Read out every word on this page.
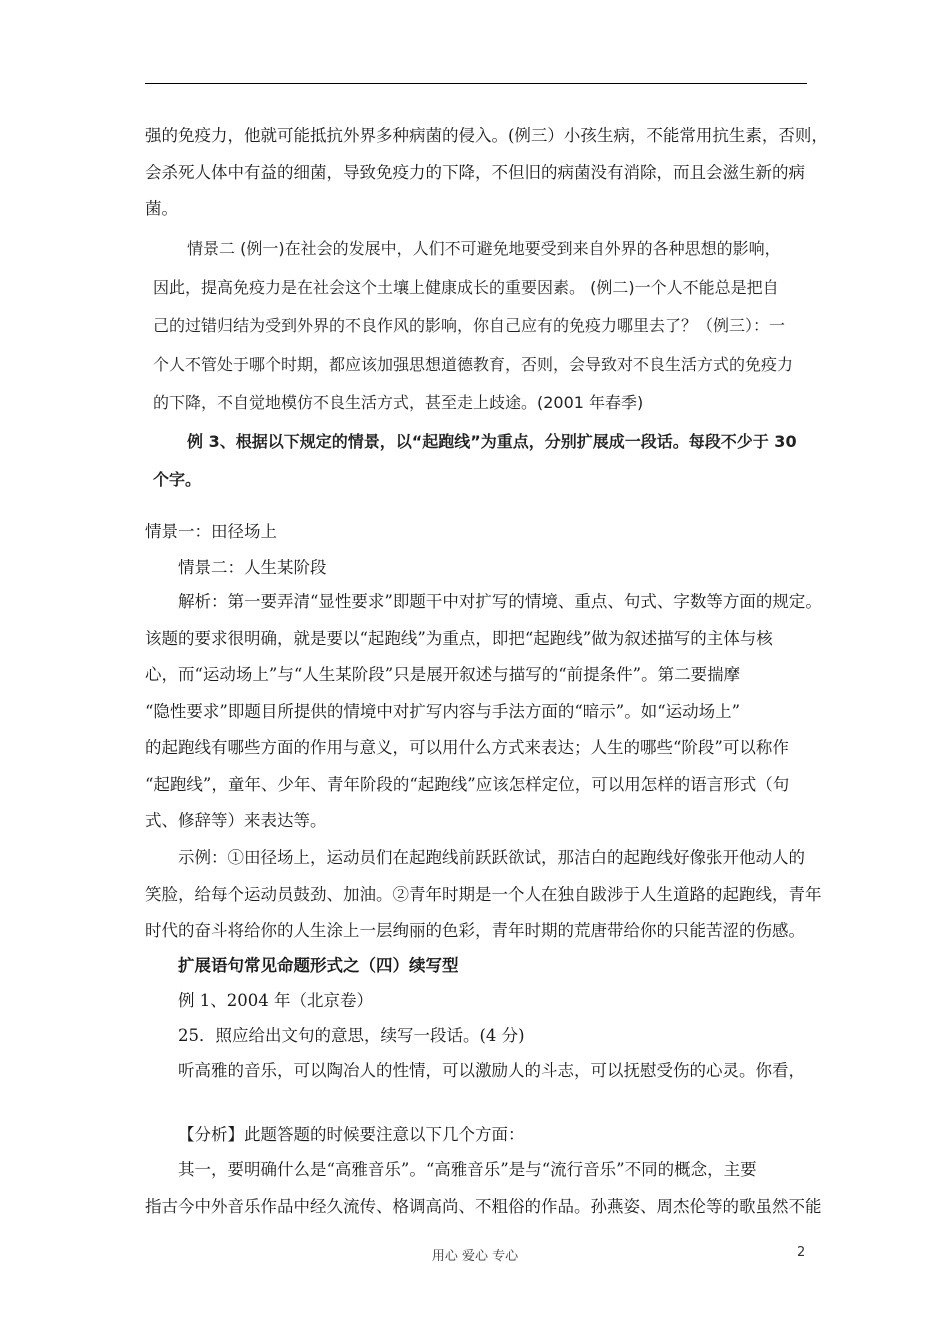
强的免疫力，他就可能抵抗外界多种病菌的侵入。(例三）小孩生病，不能常用抗生素，否则，
会杀死人体中有益的细菌，导致免疫力的下降，不但旧的病菌没有消除，而且会滋生新的病
菌。

情景二 (例一)在社会的发展中，人们不可避免地要受到来自外界的各种思想的影响，
因此，提高免疫力是在社会这个土壤上健康成长的重要因素。 (例二)一个人不能总是把自
己的过错归结为受到外界的不良作风的影响，你自己应有的免疫力哪里去了？（例三）：一
个人不管处于哪个时期，都应该加强思想道德教育，否则，会导致对不良生活方式的免疫力
的下降，不自觉地模仿不良生活方式，甚至走上歧途。(2001 年春季)
例 3、根据以下规定的情景，以“起跑线”为重点，分别扩展成一段话。每段不少于 30
个字。

情景一：田径场上

情景二：人生某阶段

解析：第一要弄清“显性要求”即题干中对扩写的情境、重点、句式、字数等方面的规定。
该题的要求很明确，就是要以“起跑线”为重点，即把“起跑线”做为叙述描写的主体与核
心，而“运动场上”与“人生某阶段”只是展开叙述与描写的“前提条件”。第二要揣摩
“隐性要求”即题目所提供的情境中对扩写内容与手法方面的“暗示”。如“运动场上”
的起跑线有哪些方面的作用与意义，可以用什么方式来表达；人生的哪些“阶段”可以称作
“起跑线”，童年、少年、青年阶段的“起跑线”应该怎样定位，可以用怎样的语言形式（句
式、修辞等）来表达等。

示例：①田径场上，运动员们在起跑线前跃跃欲试，那洁白的起跑线好像张开他动人的
笑脸，给每个运动员鼓劲、加油。②青年时期是一个人在独自跋涉于人生道路的起跑线，青年
时代的奋斗将给你的人生涂上一层绚丽的色彩，青年时期的荒唐带给你的只能苦涩的伤感。

扩展语句常见命题形式之（四）续写型

例 1、2004 年（北京卷）

25．照应给出文句的意思，续写一段话。(4 分)

听高雅的音乐，可以陶冶人的性情，可以激励人的斗志，可以抚慰受伤的心灵。你看，

【分析】此题答题的时候要注意以下几个方面：

其一，要明确什么是“高雅音乐”。“高雅音乐”是与“流行音乐”不同的概念，主要
指古今中外音乐作品中经久流传、格调高尚、不粗俗的作品。孙燕姿、周杰伦等的歌虽然不能

用心 爱心 专心	2
